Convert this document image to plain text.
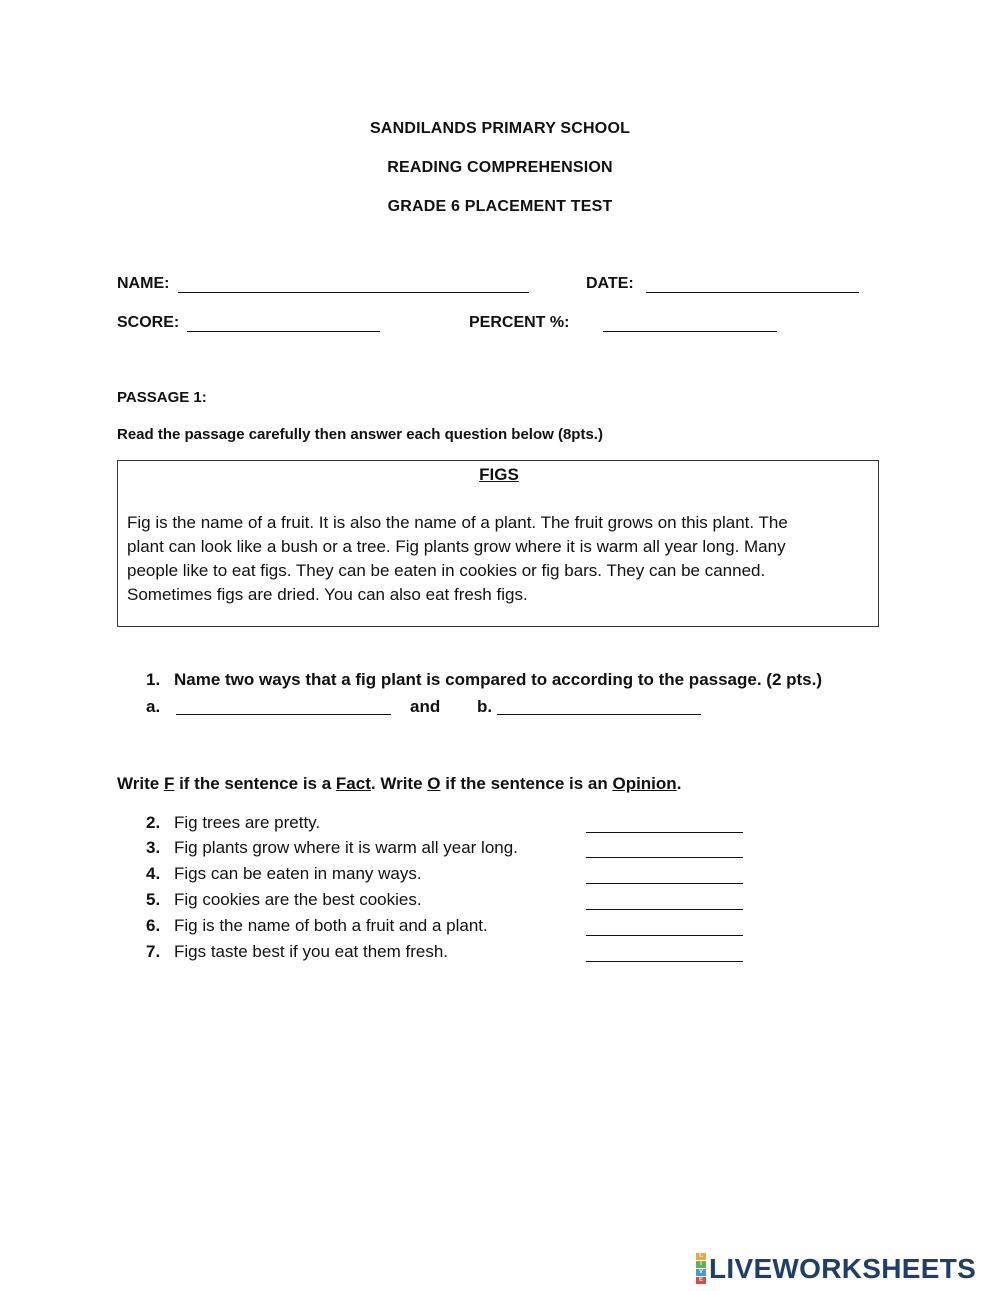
SANDILANDS PRIMARY SCHOOL
READING COMPREHENSION
GRADE 6 PLACEMENT TEST
NAME:	DATE:
SCORE:	PERCENT %:
PASSAGE 1:
Read the passage carefully then answer each question below (8pts.)
FIGS
Fig is the name of a fruit. It is also the name of a plant. The fruit grows on this plant. The
plant can look like a bush or a tree. Fig plants grow where it is warm all year long. Many
people like to eat figs. They can be eaten in cookies or fig bars. They can be canned.
Sometimes figs are dried. You can also eat fresh figs.
1. Name two ways that a fig plant is compared to according to the passage. (2 pts.)
a.	and b.
Write F if the sentence is a Fact. Write O if the sentence is an Opinion.
2. Fig trees are pretty.
3. Fig plants grow where it is warm all year long.
4. Figs can be eaten in many ways.
5. Fig cookies are the best cookies.
6. Fig is the name of both a fruit and a plant.
7. Figs taste best if you eat them fresh.
L
I
V
E LIVEWORKSHEETS
